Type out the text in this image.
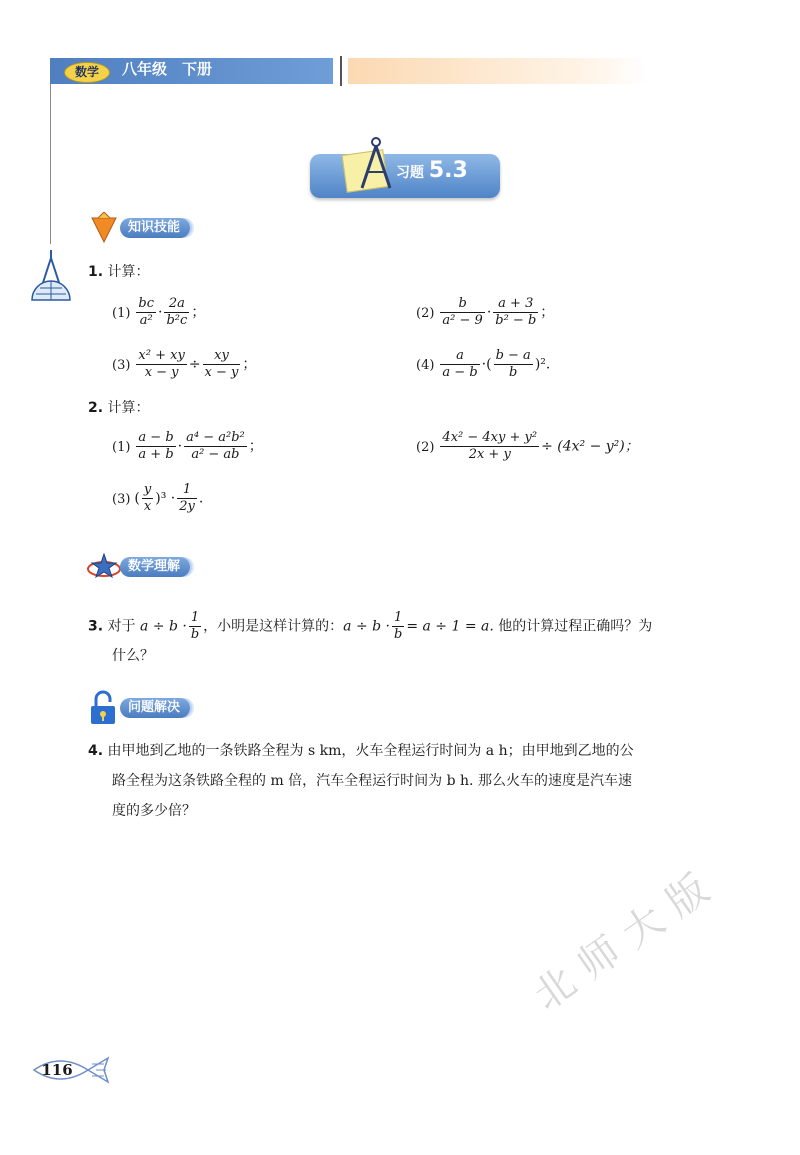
数学	八年级　下册
习题 5.3
知识技能
1. 计算：
$(1) \frac{bc}{\text{a²}} \cdot \frac{2a}{\text{b²c}}$ ；	$(2) \frac{b}{\text{a² − 9}} \cdot \frac{a + 3}{\text{b² − b}}$ ；
$(3) \frac{\text{x² + xy}}{x - y} \div \frac{xy}{x - y}$ ；	$(4) \frac{a}{a - b}$ ·( $\frac{b - a}{b} )^2$.
2. 计算：
$(1) \frac{a - b}{a + b} \cdot \frac{\text{a⁴ − a²b²}}{\text{a² − ab}}$ ；	$(2) \frac{\text{4x² − 4xy + y²}}{2x + y} \div (4x^2 - y^2)$；
(3) ( $\frac{y}{x} )^3 \cdot \frac{1}{2y}$ .
数学理解
3. 对于 $a \div b \cdot \frac{1}{b}$ ，小明是这样计算的：$a \div b \cdot \frac{1}{b} = a \div 1 = a$. 他的计算过程正确吗？为
什么？
问题解决
4. 由甲地到乙地的一条铁路全程为 s km，火车全程运行时间为 a h；由甲地到乙地的公
路全程为这条铁路全程的 m 倍，汽车全程运行时间为 b h. 那么火车的速度是汽车速
度的多少倍？
北师大版
116
